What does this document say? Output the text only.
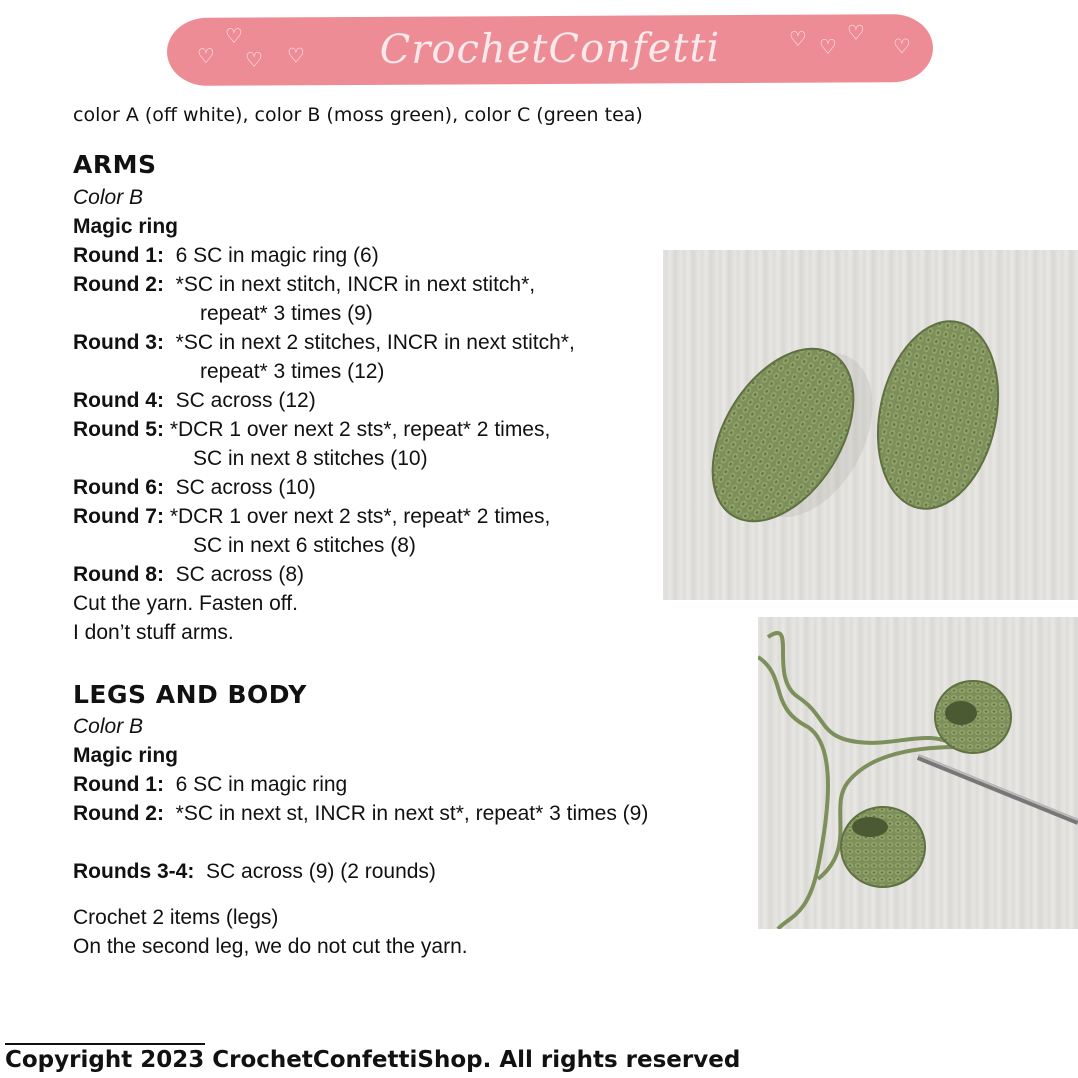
♡
♡
♡ ♡	CrochetConfetti	♡ ♡
♡
♡
color A (off white), color B (moss green), color C (green tea)
ARMS
Color B
Magic ring
Round 1: 6 SC in magic ring (6)
Round 2: *SC in next stitch, INCR in next stitch*,
repeat* 3 times (9)
Round 3: *SC in next 2 stitches, INCR in next stitch*,
repeat* 3 times (12)
Round 4: SC across (12)
Round 5: *DCR 1 over next 2 sts*, repeat* 2 times,
SC in next 8 stitches (10)
Round 6: SC across (10)
Round 7: *DCR 1 over next 2 sts*, repeat* 2 times,
SC in next 6 stitches (8)
Round 8: SC across (8)
Cut the yarn. Fasten off.
I don’t stuff arms.
LEGS AND BODY
Color B
Magic ring
Round 1: 6 SC in magic ring
Round 2: *SC in next st, INCR in next st*, repeat* 3 times (9)
Rounds 3-4: SC across (9) (2 rounds)
Crochet 2 items (legs)
On the second leg, we do not cut the yarn.
Copyright 2023 CrochetConfettiShop. All rights reserved
